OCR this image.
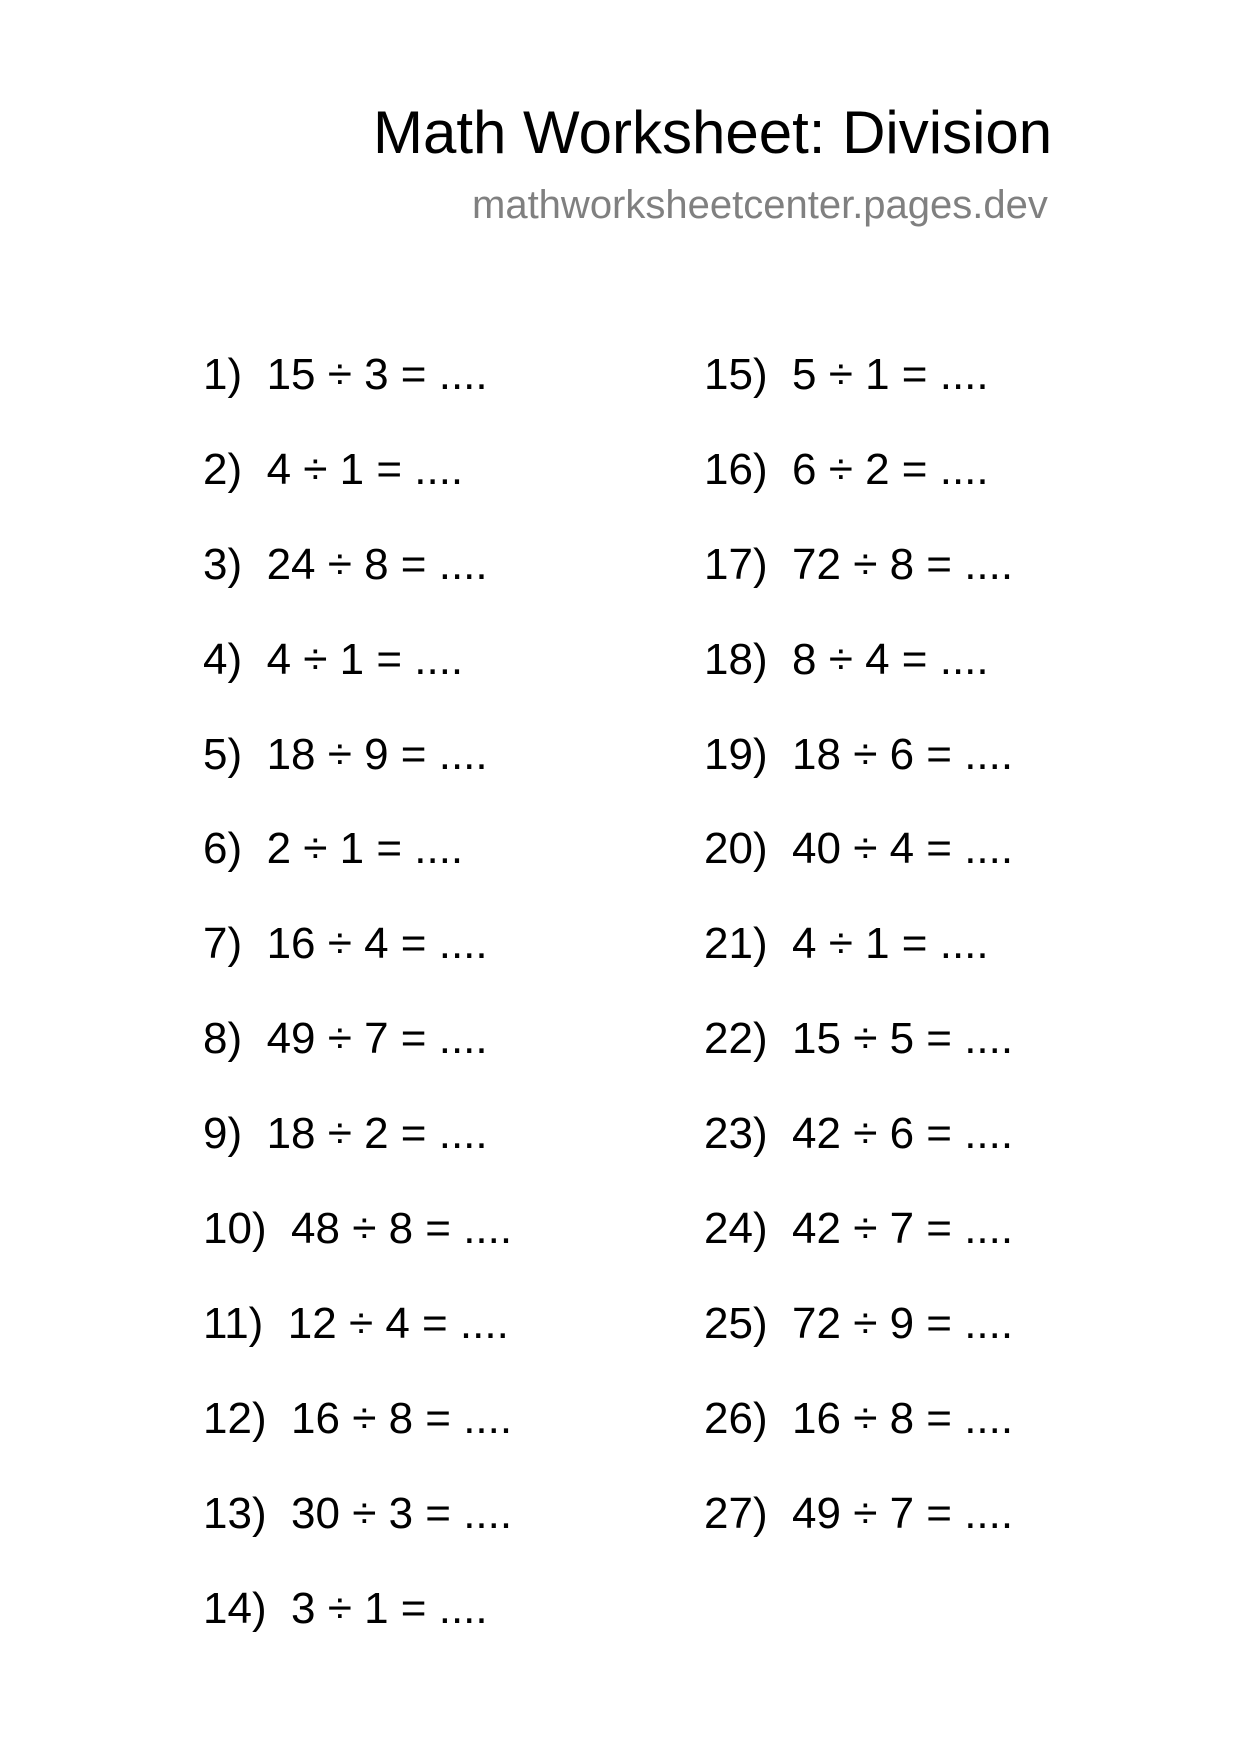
Math Worksheet: Division
mathworksheetcenter.pages.dev
1)  15 ÷ 3 = ....
2)  4 ÷ 1 = ....
3)  24 ÷ 8 = ....
4)  4 ÷ 1 = ....
5)  18 ÷ 9 = ....
6)  2 ÷ 1 = ....
7)  16 ÷ 4 = ....
8)  49 ÷ 7 = ....
9)  18 ÷ 2 = ....
10)  48 ÷ 8 = ....
11)  12 ÷ 4 = ....
12)  16 ÷ 8 = ....
13)  30 ÷ 3 = ....
14)  3 ÷ 1 = ....
15)  5 ÷ 1 = ....
16)  6 ÷ 2 = ....
17)  72 ÷ 8 = ....
18)  8 ÷ 4 = ....
19)  18 ÷ 6 = ....
20)  40 ÷ 4 = ....
21)  4 ÷ 1 = ....
22)  15 ÷ 5 = ....
23)  42 ÷ 6 = ....
24)  42 ÷ 7 = ....
25)  72 ÷ 9 = ....
26)  16 ÷ 8 = ....
27)  49 ÷ 7 = ....
